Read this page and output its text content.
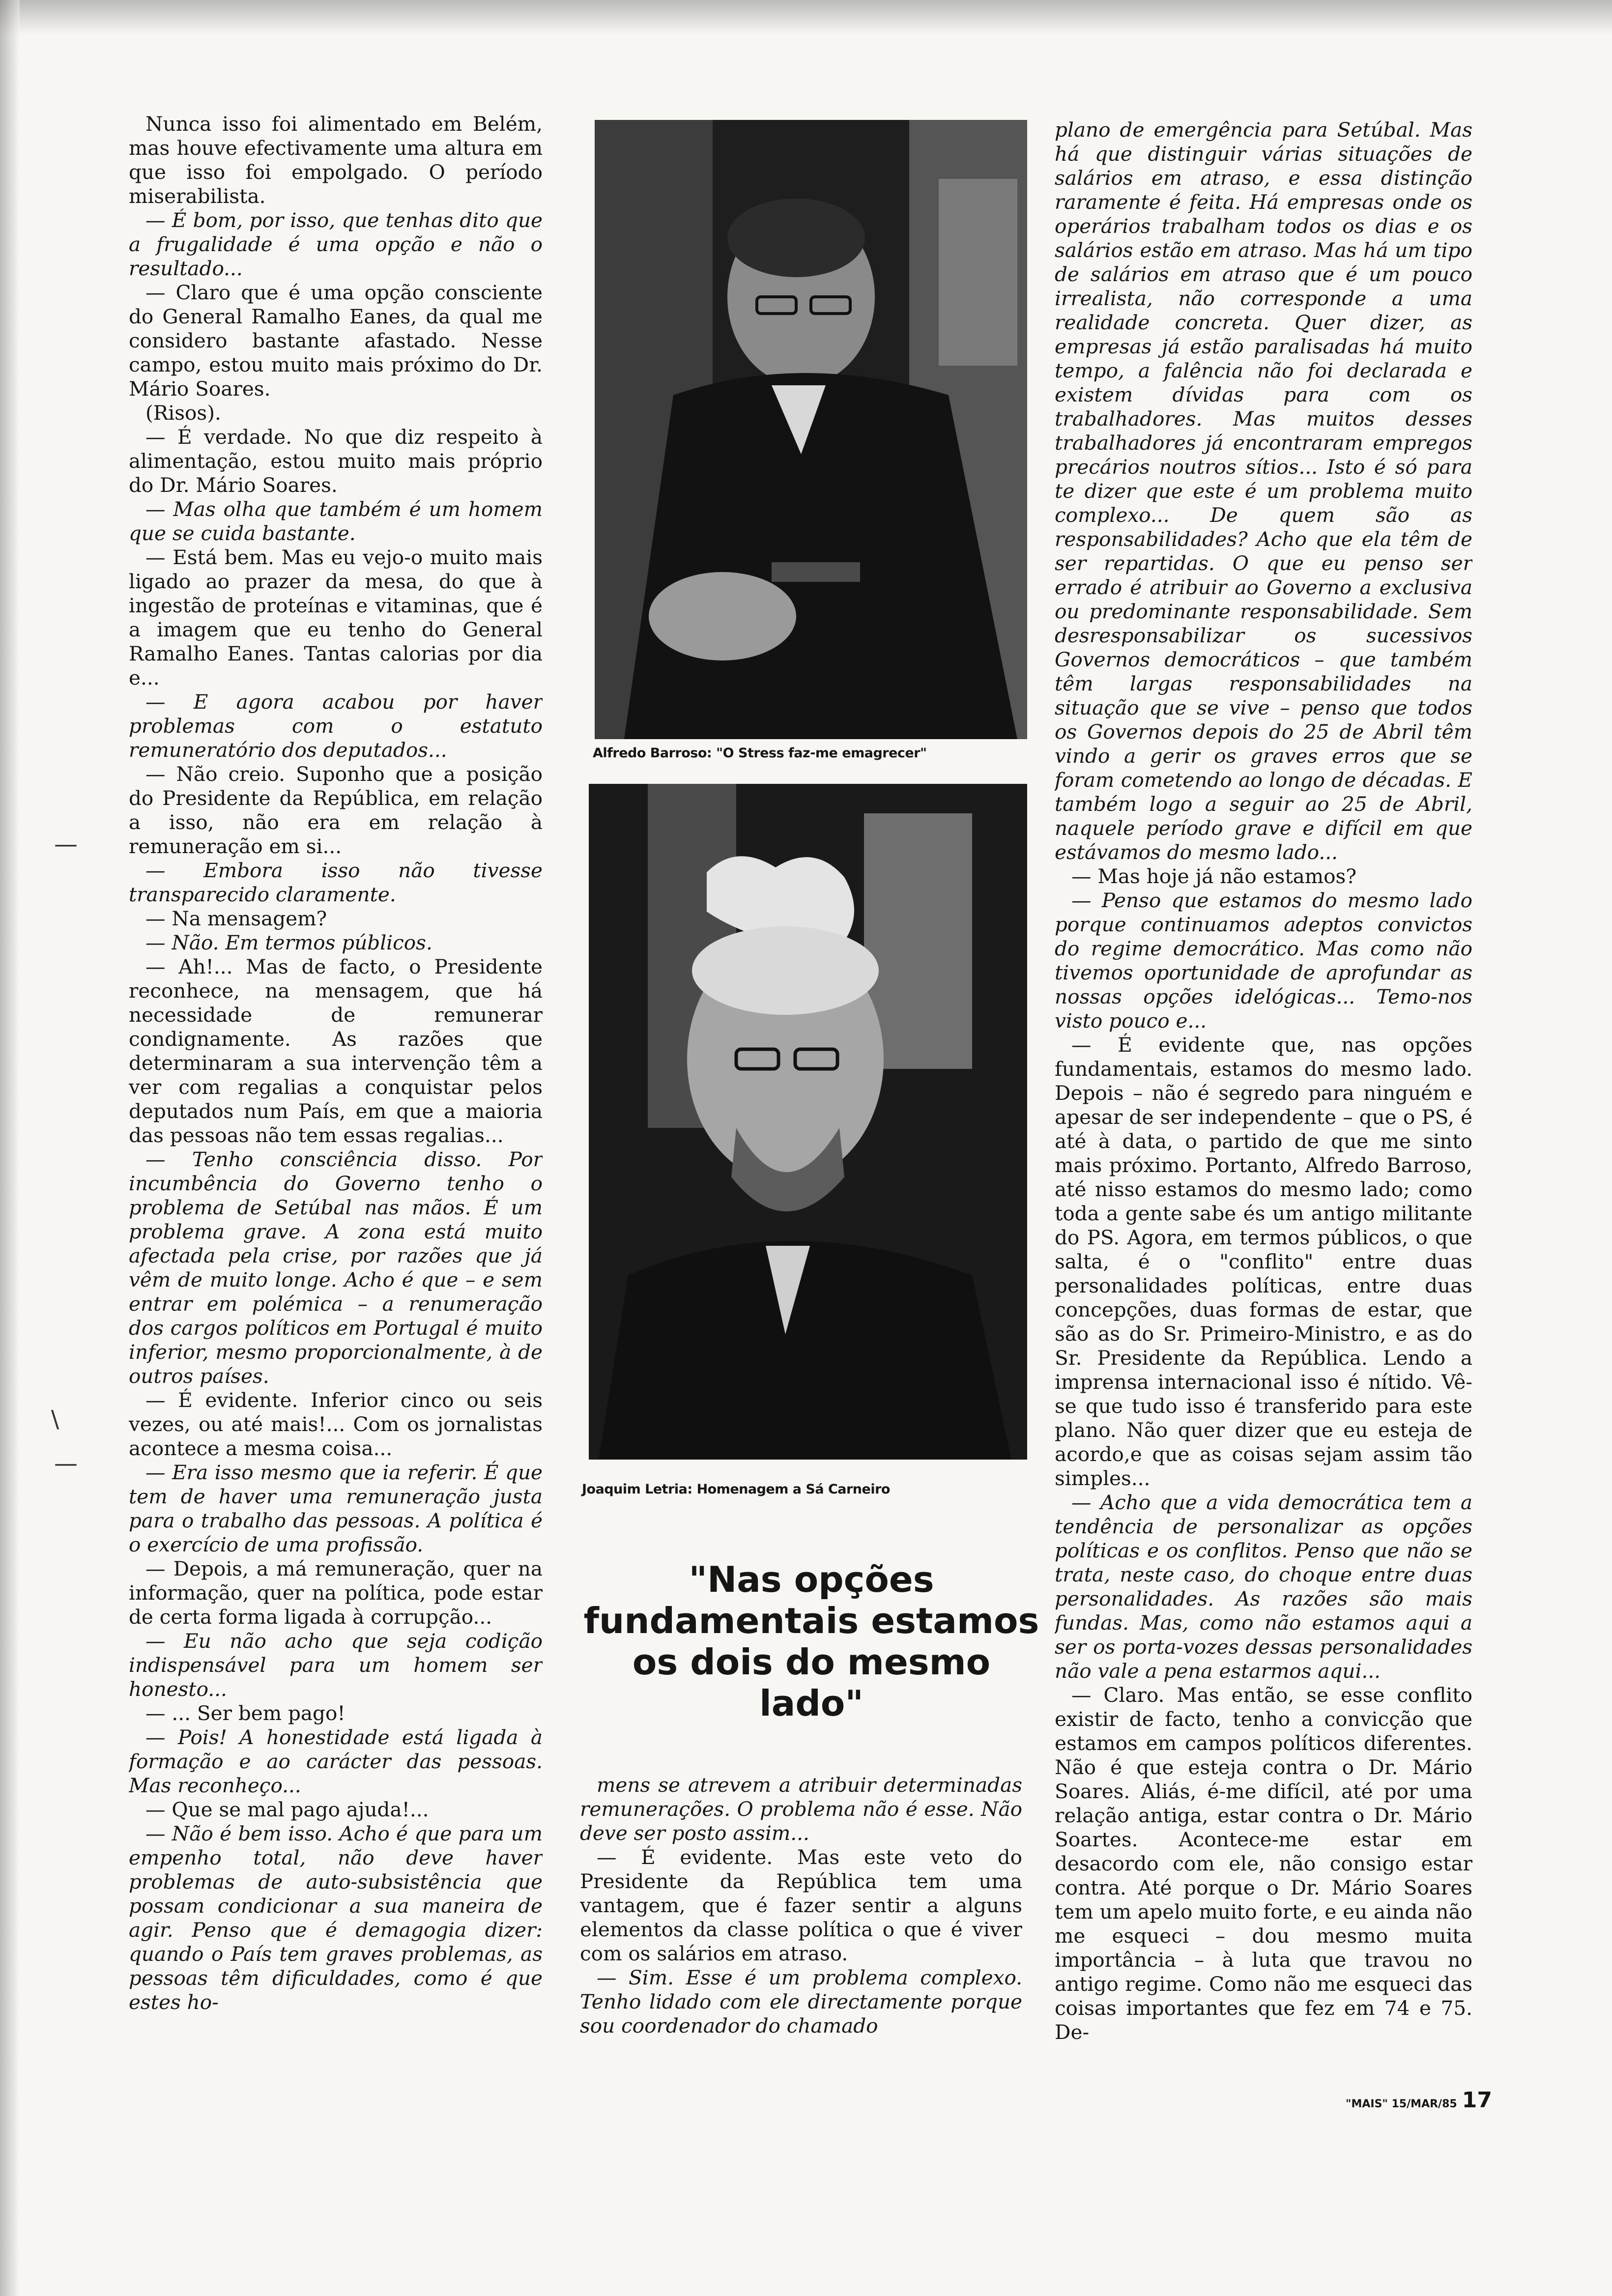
Nunca isso foi alimentado em Belém, mas houve efectivamente uma altura em que isso foi empolgado. O período miserabilista.

— É bom, por isso, que tenhas dito que a frugalidade é uma opção e não o resultado...

— Claro que é uma opção consciente do General Ramalho Eanes, da qual me considero bastante afastado. Nesse campo, estou muito mais próximo do Dr. Mário Soares.

(Risos).

— É verdade. No que diz respeito à alimentação, estou muito mais próprio do Dr. Mário Soares.

— Mas olha que também é um homem que se cuida bastante.

— Está bem. Mas eu vejo-o muito mais ligado ao prazer da mesa, do que à ingestão de proteínas e vitaminas, que é a imagem que eu tenho do General Ramalho Eanes. Tantas calorias por dia e...

— E agora acabou por haver problemas com o estatuto remuneratório dos deputados...

— Não creio. Suponho que a posição do Presidente da República, em relação a isso, não era em relação à remuneração em si...

— Embora isso não tivesse transparecido claramente.

— Na mensagem?

— Não. Em termos públicos.

— Ah!... Mas de facto, o Presidente reconhece, na mensagem, que há necessidade de remunerar condignamente. As razões que determinaram a sua intervenção têm a ver com regalias a conquistar pelos deputados num País, em que a maioria das pessoas não tem essas regalias...

— Tenho consciência disso. Por incumbência do Governo tenho o problema de Setúbal nas mãos. É um problema grave. A zona está muito afectada pela crise, por razões que já vêm de muito longe. Acho é que – e sem entrar em polémica – a renumeração dos cargos políticos em Portugal é muito inferior, mesmo proporcionalmente, à de outros países.

— É evidente. Inferior cinco ou seis vezes, ou até mais!... Com os jornalistas acontece a mesma coisa...

— Era isso mesmo que ia referir. É que tem de haver uma remuneração justa para o trabalho das pessoas. A política é o exercício de uma profissão.

— Depois, a má remuneração, quer na informação, quer na política, pode estar de certa forma ligada à corrupção...

— Eu não acho que seja codição indispensável para um homem ser honesto...

— ... Ser bem pago!

— Pois! A honestidade está ligada à formação e ao carácter das pessoas. Mas reconheço...

— Que se mal pago ajuda!...

— Não é bem isso. Acho é que para um empenho total, não deve haver problemas de auto-subsistência que possam condicionar a sua maneira de agir. Penso que é demagogia dizer: quando o País tem graves problemas, as pessoas têm dificuldades, como é que estes ho-

Alfredo Barroso: "O Stress faz-me emagrecer"
Joaquim Letria: Homenagem a Sá Carneiro
"Nas opções fundamentais estamos os dois do mesmo lado"

mens se atrevem a atribuir determinadas remunerações. O problema não é esse. Não deve ser posto assim...

— É evidente. Mas este veto do Presidente da República tem uma vantagem, que é fazer sentir a alguns elementos da classe política o que é viver com os salários em atraso.

— Sim. Esse é um problema complexo. Tenho lidado com ele directamente porque sou coordenador do chamado

plano de emergência para Setúbal. Mas há que distinguir várias situações de salários em atraso, e essa distinção raramente é feita. Há empresas onde os operários trabalham todos os dias e os salários estão em atraso. Mas há um tipo de salários em atraso que é um pouco irrealista, não corresponde a uma realidade concreta. Quer dizer, as empresas já estão paralisadas há muito tempo, a falência não foi declarada e existem dívidas para com os trabalhadores. Mas muitos desses trabalhadores já encontraram empregos precários noutros sítios... Isto é só para te dizer que este é um problema muito complexo... De quem são as responsabilidades? Acho que ela têm de ser repartidas. O que eu penso ser errado é atribuir ao Governo a exclusiva ou predominante responsabilidade. Sem desresponsabilizar os sucessivos Governos democráticos – que também têm largas responsabilidades na situação que se vive – penso que todos os Governos depois do 25 de Abril têm vindo a gerir os graves erros que se foram cometendo ao longo de décadas. E também logo a seguir ao 25 de Abril, naquele período grave e difícil em que estávamos do mesmo lado...

— Mas hoje já não estamos?

— Penso que estamos do mesmo lado porque continuamos adeptos convictos do regime democrático. Mas como não tivemos oportunidade de aprofundar as nossas opções idelógicas... Temo-nos visto pouco e...

— É evidente que, nas opções fundamentais, estamos do mesmo lado. Depois – não é segredo para ninguém e apesar de ser independente – que o PS, é até à data, o partido de que me sinto mais próximo. Portanto, Alfredo Barroso, até nisso estamos do mesmo lado; como toda a gente sabe és um antigo militante do PS. Agora, em termos públicos, o que salta, é o "conflito" entre duas personalidades políticas, entre duas concepções, duas formas de estar, que são as do Sr. Primeiro-Ministro, e as do Sr. Presidente da República. Lendo a imprensa internacional isso é nítido. Vê-se que tudo isso é transferido para este plano. Não quer dizer que eu esteja de acordo,e que as coisas sejam assim tão simples...

— Acho que a vida democrática tem a tendência de personalizar as opções políticas e os conflitos. Penso que não se trata, neste caso, do choque entre duas personalidades. As razões são mais fundas. Mas, como não estamos aqui a ser os porta-vozes dessas personalidades não vale a pena estarmos aqui...

— Claro. Mas então, se esse conflito existir de facto, tenho a convicção que estamos em campos políticos diferentes. Não é que esteja contra o Dr. Mário Soares. Aliás, é-me difícil, até por uma relação antiga, estar contra o Dr. Mário Soartes. Acontece-me estar em desacordo com ele, não consigo estar contra. Até porque o Dr. Mário Soares tem um apelo muito forte, e eu ainda não me esqueci – dou mesmo muita importância – à luta que travou no antigo regime. Como não me esqueci das coisas importantes que fez em 74 e 75. De-

—
\
—
"MAIS" 15/MAR/85 17
